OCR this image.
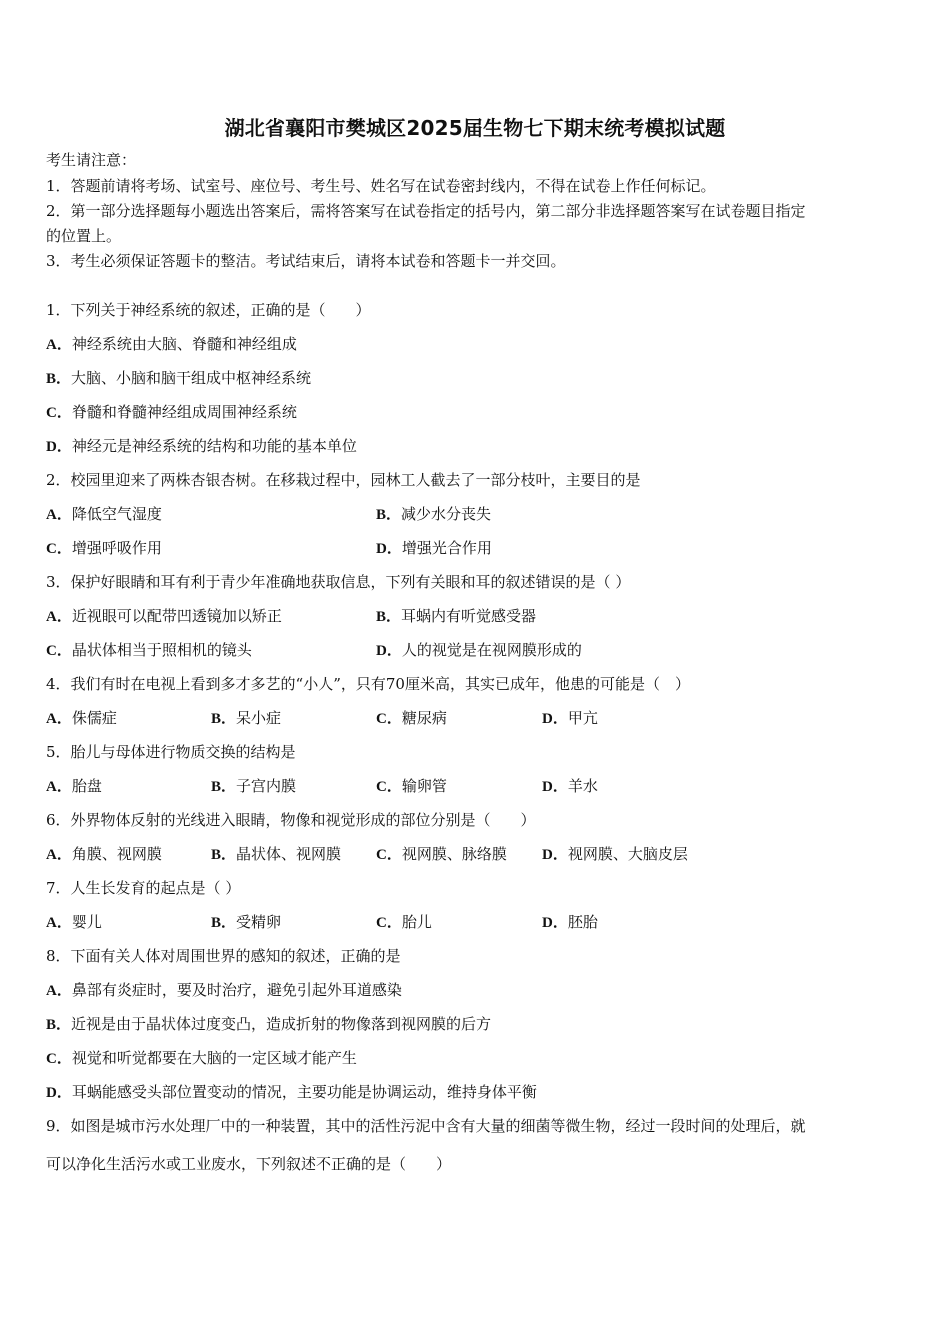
湖北省襄阳市樊城区2025届生物七下期末统考模拟试题
考生请注意：
1．答题前请将考场、试室号、座位号、考生号、姓名写在试卷密封线内，不得在试卷上作任何标记。
2．第一部分选择题每小题选出答案后，需将答案写在试卷指定的括号内，第二部分非选择题答案写在试卷题目指定
的位置上。
3．考生必须保证答题卡的整洁。考试结束后，请将本试卷和答题卡一并交回。
1．下列关于神经系统的叙述，正确的是（　　）
A．神经系统由大脑、脊髓和神经组成
B．大脑、小脑和脑干组成中枢神经系统
C．脊髓和脊髓神经组成周围神经系统
D．神经元是神经系统的结构和功能的基本单位
2．校园里迎来了两株杏银杏树。在移栽过程中，园林工人截去了一部分枝叶，主要目的是
A．降低空气湿度	B．减少水分丧失
C．增强呼吸作用	D．增强光合作用
3．保护好眼睛和耳有利于青少年准确地获取信息，下列有关眼和耳的叙述错误的是（ ）
A．近视眼可以配带凹透镜加以矫正	B．耳蜗内有听觉感受器
C．晶状体相当于照相机的镜头	D．人的视觉是在视网膜形成的
4．我们有时在电视上看到多才多艺的“小人”，只有70厘米高，其实已成年，他患的可能是（　）
A．侏儒症	B．呆小症	C．糖尿病	D．甲亢
5．胎儿与母体进行物质交换的结构是
A．胎盘	B．子宫内膜	C．输卵管	D．羊水
6．外界物体反射的光线进入眼睛，物像和视觉形成的部位分别是（　　）
A．角膜、视网膜	B．晶状体、视网膜 C．视网膜、脉络膜 D．视网膜、大脑皮层
7．人生长发育的起点是（ ）
A．婴儿	B．受精卵	C．胎儿	D．胚胎
8．下面有关人体对周围世界的感知的叙述，正确的是
A．鼻部有炎症时，要及时治疗，避免引起外耳道感染
B．近视是由于晶状体过度变凸，造成折射的物像落到视网膜的后方
C．视觉和听觉都要在大脑的一定区域才能产生
D．耳蜗能感受头部位置变动的情况，主要功能是协调运动，维持身体平衡
9．如图是城市污水处理厂中的一种装置，其中的活性污泥中含有大量的细菌等微生物，经过一段时间的处理后，就
可以净化生活污水或工业废水，下列叙述不正确的是（　　）
